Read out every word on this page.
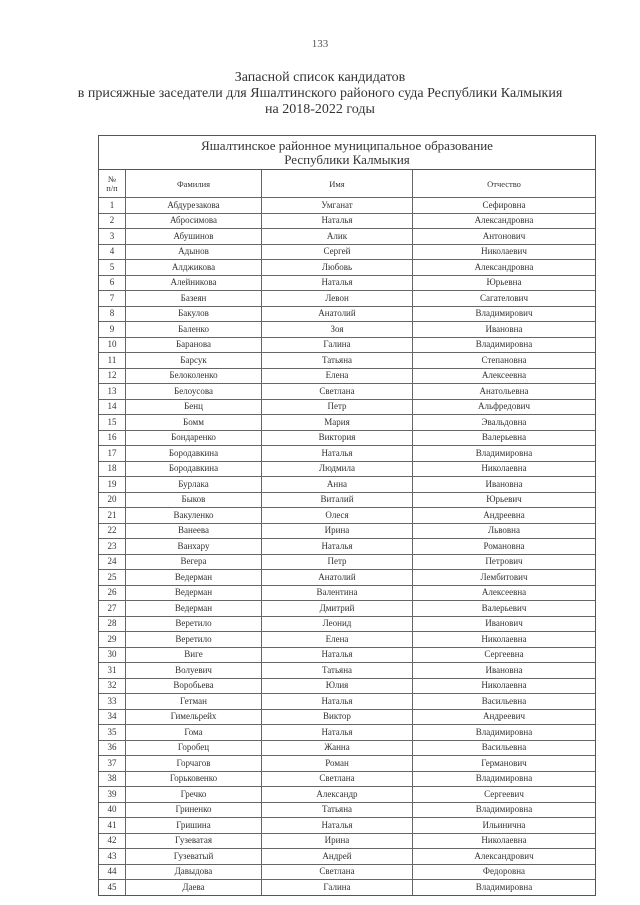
133
Запасной список кандидатов
в присяжные заседатели для Яшалтинского районого суда Республики Калмыкия
на 2018-2022 годы
Яшалтинское районное муниципальное образование
Республики Калмыкия
№
п/п	Фамилия	Имя	Отчество
1	Абдурезакова	Умганат	Сефировна
2	Абросимова	Наталья	Александровна
3	Абушинов	Алик	Антонович
4	Адынов	Сергей	Николаевич
5	Алджикова	Любовь	Александровна
6	Алейникова	Наталья	Юрьевна
7	Базеян	Левон	Сагателович
8	Бакулов	Анатолий	Владимирович
9	Баленко	Зоя	Ивановна
10	Баранова	Галина	Владимировна
11	Барсук	Татьяна	Степановна
12	Белоколенко	Елена	Алексеевна
13	Белоусова	Светлана	Анатольевна
14	Бенц	Петр	Альфредович
15	Бомм	Мария	Эвальдовна
16	Бондаренко	Виктория	Валерьевна
17	Бородавкина	Наталья	Владимировна
18	Бородавкина	Людмила	Николаевна
19	Бурлака	Анна	Ивановна
20	Быков	Виталий	Юрьевич
21	Вакуленко	Олеся	Андреевна
22	Ванеева	Ирина	Львовна
23	Ванхару	Наталья	Романовна
24	Вегера	Петр	Петрович
25	Ведерман	Анатолий	Лембитович
26	Ведерман	Валентина	Алексеевна
27	Ведерман	Дмитрий	Валерьевич
28	Веретило	Леонид	Иванович
29	Веретило	Елена	Николаевна
30	Виге	Наталья	Сергеевна
31	Волуевич	Татьяна	Ивановна
32	Воробьева	Юлия	Николаевна
33	Гетман	Наталья	Васильевна
34	Гимельрейх	Виктор	Андреевич
35	Гома	Наталья	Владимировна
36	Горобец	Жанна	Васильевна
37	Горчагов	Роман	Германович
38	Горьковенко	Светлана	Владимировна
39	Гречко	Александр	Сергеевич
40	Гриненко	Татьяна	Владимировна
41	Гришина	Наталья	Ильинична
42	Гузеватая	Ирина	Николаевна
43	Гузеватый	Андрей	Александрович
44	Давыдова	Светлана	Федоровна
45	Даева	Галина	Владимировна
